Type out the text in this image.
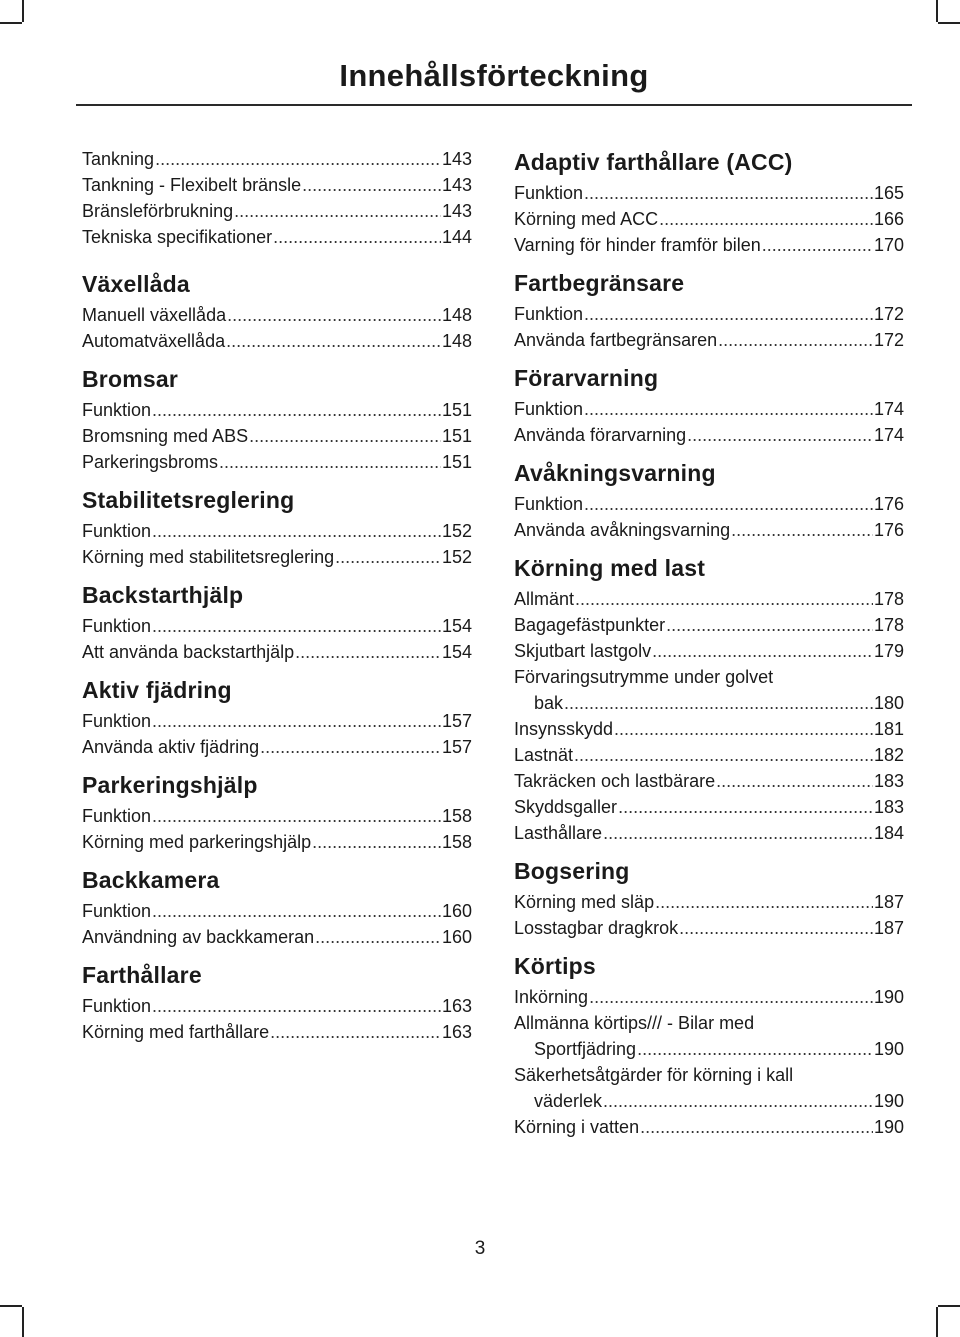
Innehållsförteckning
Tankning .....	143
Tankning - Flexibelt bränsle .....	143
Bränsleförbrukning .....	143
Tekniska specifikationer .....	144
Växellåda
Manuell växellåda .....	148
Automatväxellåda .....	148
Bromsar
Funktion .....	151
Bromsning med ABS .....	151
Parkeringsbroms .....	151
Stabilitetsreglering
Funktion .....	152
Körning med stabilitetsreglering .....	152
Backstarthjälp
Funktion .....	154
Att använda backstarthjälp .....	154
Aktiv fjädring
Funktion .....	157
Använda aktiv fjädring .....	157
Parkeringshjälp
Funktion .....	158
Körning med parkeringshjälp .....	158
Backkamera
Funktion .....	160
Användning av backkameran .....	160
Farthållare
Funktion .....	163
Körning med farthållare .....	163
Adaptiv farthållare (ACC)
Funktion .....	165
Körning med ACC .....	166
Varning för hinder framför bilen .....	170
Fartbegränsare
Funktion .....	172
Använda fartbegränsaren .....	172
Förarvarning
Funktion .....	174
Använda förarvarning .....	174
Avåkningsvarning
Funktion .....	176
Använda avåkningsvarning .....	176
Körning med last
Allmänt .....	178
Bagagefästpunkter .....	178
Skjutbart lastgolv .....	179
Förvaringsutrymme under golvet
bak .....	180
Insynsskydd .....	181
Lastnät .....	182
Takräcken och lastbärare .....	183
Skyddsgaller .....	183
Lasthållare .....	184
Bogsering
Körning med släp .....	187
Losstagbar dragkrok .....	187
Körtips
Inkörning .....	190
Allmänna körtips/// - Bilar med
Sportfjädring .....	190
Säkerhetsåtgärder för körning i kall
väderlek .....	190
Körning i vatten .....	190
3
